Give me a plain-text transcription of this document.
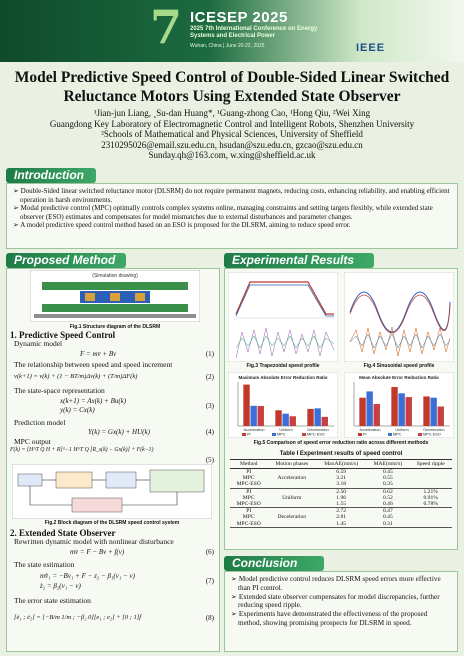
7 ICESEP 2025
2025 7th International Conference on Energy Systems and Electrical Power
Wuhan, China | June 20-22, 2025	IEEE
Model Predictive Speed Control of Double-Sided Linear Switched Reluctance Motors Using Extended State Observer
¹Jian-jun Liang, ¸Su-dan Huang*, ¹Guang-zhong Cao, ¹Hong Qiu, ²Wei Xing
Guangdong Key Laboratory of Electromagnetic Control and Intelligent Robots, Shenzhen University
²Schools of Mathematical and Physical Sciences, University of Sheffield
2310295026@email.szu.edu.cn, hsudan@szu.edu.cn, gzcao@szu.edu.cn
Sunday.qh@163.com, w.xing@sheffield.ac.uk
Introduction
➢ Double-Sided linear switched reluctance motor (DLSRM) do not require permanent magnets, reducing costs, enhancing reliability, and enabling efficient operation in harsh environments.
➢ Modal predictive control (MPC) optimally controls complex systems online, managing constraints and setting targets flexibly, while extended state observer (ESO) estimates and compensates for model mismatches due to external disturbances and parameter changes.
➢ A model predictive speed control method based on an ESO is proposed for the DLSRM, aiming to reduce speed error.
Proposed Method
(Simulation drawing)
Fig.1 Structure diagram of the DLSRM
1. Predictive Speed Control
Dynamic model
F = mv̇ + Bv	(1)
The relationship between speed and speed increment
v(k+1) = v(k) + (1 − BT/m)Δv(k) + (T/m)ΔF(k)	(2)
The state-space representation
x(k+1) = Ax(k) + Bu(k)
y(k) = Cx(k)	(3)
Prediction model
Y(k) = Gx(k) + HU(k)	(4)
MPC output
F(k) = [H^T Q H + R]^−1 H^T Q [R_s(k) − Gx(k)] + F(k−1)
(5)
Fig.2 Block diagram of the DLSRM speed control system
2. Extended State Observer
Rewritten dynamic model with nonlinear disturbance
mv̇ = F − Bv + f(v)	(6)
The state estimation
mv̂̇₁ = −Bv₁ + F − z₂ − β₁(v₁ − v)
ż₂ = β₂(v₁ − v)
(7)
The error state estimation
[ė₁ ; ė₂] = [−B/m 1/m ; −β₂ 0][e₁ ; e₂] + [0 ; 1]ḟ	(8)
Experimental Results
Fig.3 Trapezoidal speed profile	Fig.4 Sinusoidal speed profile
Maximum Absolute Error Reduction Ratio
Acceleration	Uniform	Deceleration
PI	MPC	MPC-ESO
Mean Absolute Error Reduction Ratio
Acceleration	Uniform	Deceleration
PI	MPC	MPC-ESO
Fig.5 Comparison of speed error reduction ratio across different methods
Table I Experiment results of speed control
Method	Motion phases	MaxAE(mm/s)	MAE(mm/s)	Speed ripple
PI		6.59	0.45	
MPC	Acceleration	3.21	0.55	
MPC-ESO		3.18	0.35	
PI		2.50	0.62	1.21%
MPC	Uniform	1.96	0.52	0.91%
MPC-ESO		1.55	0.46	0.78%
PI		2.72	0.47	
MPC	Deceleration	2.81	0.45	
MPC-ESO		1.45	0.31	
Conclusion
➢ Model predictive control reduces DLSRM speed errors more effective than PI control.
➢ Extended state observer compensates for model discrepancies, further reducing speed ripple.
➢ Experiments have demonstrated the effectiveness of the proposed method, showing promising prospects for DLSRM in speed.
